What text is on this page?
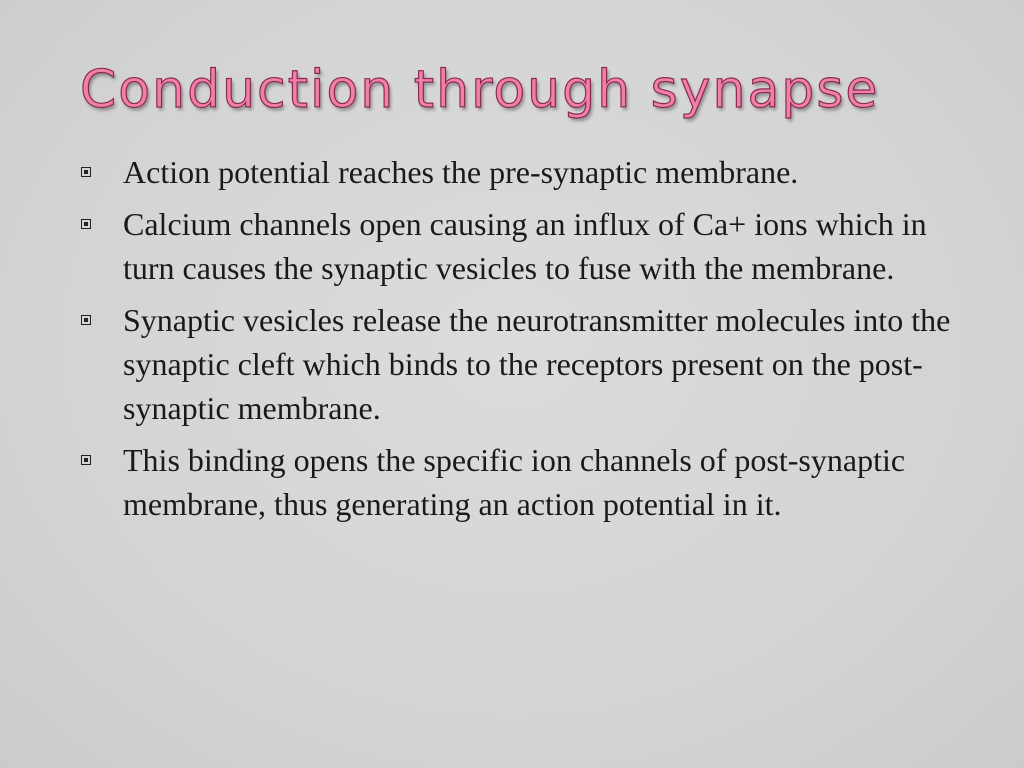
Conduction through synapse
Action potential reaches the pre-synaptic membrane.
Calcium channels open causing an influx of Ca+ ions which in turn causes the synaptic vesicles to fuse with the membrane.
Synaptic vesicles release the neurotransmitter molecules into the synaptic cleft which binds to the receptors present on the post-synaptic membrane.
This binding opens the specific ion channels of post-synaptic membrane, thus generating an action potential in it.
